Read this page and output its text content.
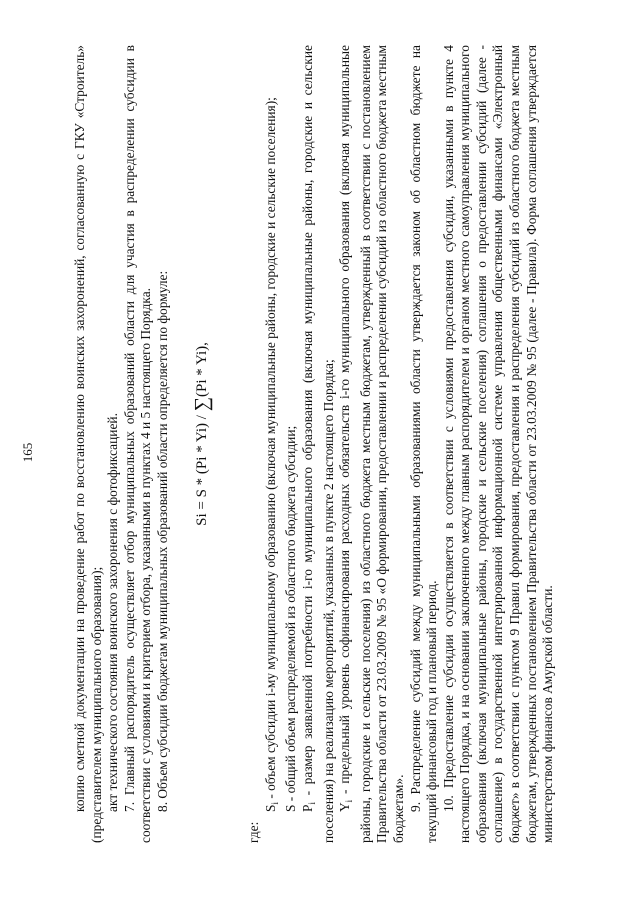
165	копию сметной документации на проведение работ по восстановлению воинских захоронений, согласованную с ГКУ «Строитель» (представителем муниципального образования); акт технического состояния воинского захоронения с фотофиксацией. 7. Главный распорядитель осуществляет отбор муниципальных образований области для участия в распределении субсидии в соответствии с условиями и критерием отбора, указанными в пунктах 4 и 5 настоящего Порядка. 8. Объем субсидии бюджетам муниципальных образований области определяется по формуле: Si = S * (Pi * Yi) / ∑(Pi * Yi),

где:

$S_i$ - объем субсидии i-му муниципальному образованию (включая муниципальные районы, городские и сельские поселения); S - общий объем распределяемой из областного бюджета субсидии; $P_i$ - размер заявленной потребности i-го муниципального образования (включая муниципальные районы, городские и сельские поселения) на реализацию мероприятий, указанных в пункте 2 настоящего Порядка; $Y_i$ - предельный уровень софинансирования расходных обязательств i-го муниципального образования (включая муниципальные районы, городские и сельские поселения) из областного бюджета местным бюджетам, утвержденный в соответствии с постановлением Правительства области от 23.03.2009 № 95 «О формировании, предоставлении и распределении субсидий из областного бюджета местным бюджетам». 9. Распределение субсидий между муниципальными образованиями области утверждается законом об областном бюджете на текущий финансовый год и плановый период. 10. Предоставление субсидии осуществляется в соответствии с условиями предоставления субсидии, указанными в пункте 4 настоящего Порядка, и на основании заключенного между главным распорядителем и органом местного самоуправления муниципального образования (включая муниципальные районы, городские и сельские поселения) соглашения о предоставлении субсидий (далее - соглашение) в государственной интегрированной информационной системе управления общественными финансами «Электронный бюджет» в соответствии с пунктом 9 Правил формирования, предоставления и распределения субсидий из областного бюджета местным бюджетам, утвержденных постановлением Правительства области от 23.03.2009 № 95 (далее - Правила). Форма соглашения утверждается министерством финансов Амурской области.
